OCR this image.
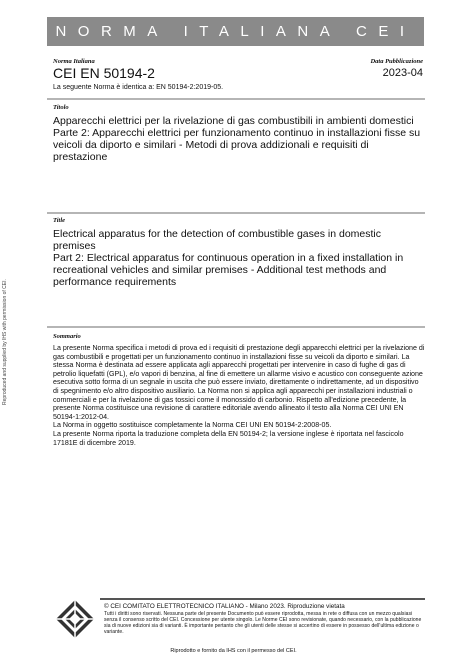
Reproduced and supplied by IHS with permission of CEI.
NORMA ITALIANA CEI
Norma Italiana
CEI EN 50194-2
La seguente Norma è identica a: EN 50194-2:2019-05.
Data Pubblicazione
2023-04
Titolo

Apparecchi elettrici per la rivelazione di gas combustibili in ambienti domestici

Parte 2: Apparecchi elettrici per funzionamento continuo in installazioni fisse su veicoli da diporto e similari - Metodi di prova addizionali e requisiti di prestazione

Title

Electrical apparatus for the detection of combustible gases in domestic premises

Part 2: Electrical apparatus for continuous operation in a fixed installation in recreational vehicles and similar premises - Additional test methods and performance requirements

Sommario

La presente Norma specifica i metodi di prova ed i requisiti di prestazione degli apparecchi elettrici per la rivelazione di gas combustibili e progettati per un funzionamento continuo in installazioni fisse su veicoli da diporto e similari. La stessa Norma è destinata ad essere applicata agli apparecchi progettati per intervenire in caso di fughe di gas di petrolio liquefatti (GPL), e/o vapori di benzina, al fine di emettere un allarme visivo e acustico con conseguente azione esecutiva sotto forma di un segnale in uscita che può essere inviato, direttamente o indirettamente, ad un dispositivo di spegnimento e/o altro dispositivo ausiliario. La Norma non si applica agli apparecchi per installazioni industriali o commerciali e per la rivelazione di gas tossici come il monossido di carbonio. Rispetto all'edizione precedente, la presente Norma costituisce una revisione di carattere editoriale avendo allineato il testo alla Norma CEI UNI EN 50194-1:2012-04.

La Norma in oggetto sostituisce completamente la Norma CEI UNI EN 50194-2:2008-05.

La presente Norma riporta la traduzione completa della EN 50194-2; la versione inglese è riportata nel fascicolo 17181E di dicembre 2019.

© CEI COMITATO ELETTROTECNICO ITALIANO - Milano 2023. Riproduzione vietata
Tutti i diritti sono riservati. Nessuna parte del presente Documento può essere riprodotta, messa in rete o diffusa con un mezzo qualsiasi senza il consenso scritto del CEI. Concessione per utente singolo. Le Norme CEI sono revisionate, quando necessario, con la pubblicazione sia di nuove edizioni sia di varianti. È importante pertanto che gli utenti delle stesse si accertino di essere in possesso dell'ultima edizione o variante.
Riprodotto e fornito da IHS con il permesso del CEI.
